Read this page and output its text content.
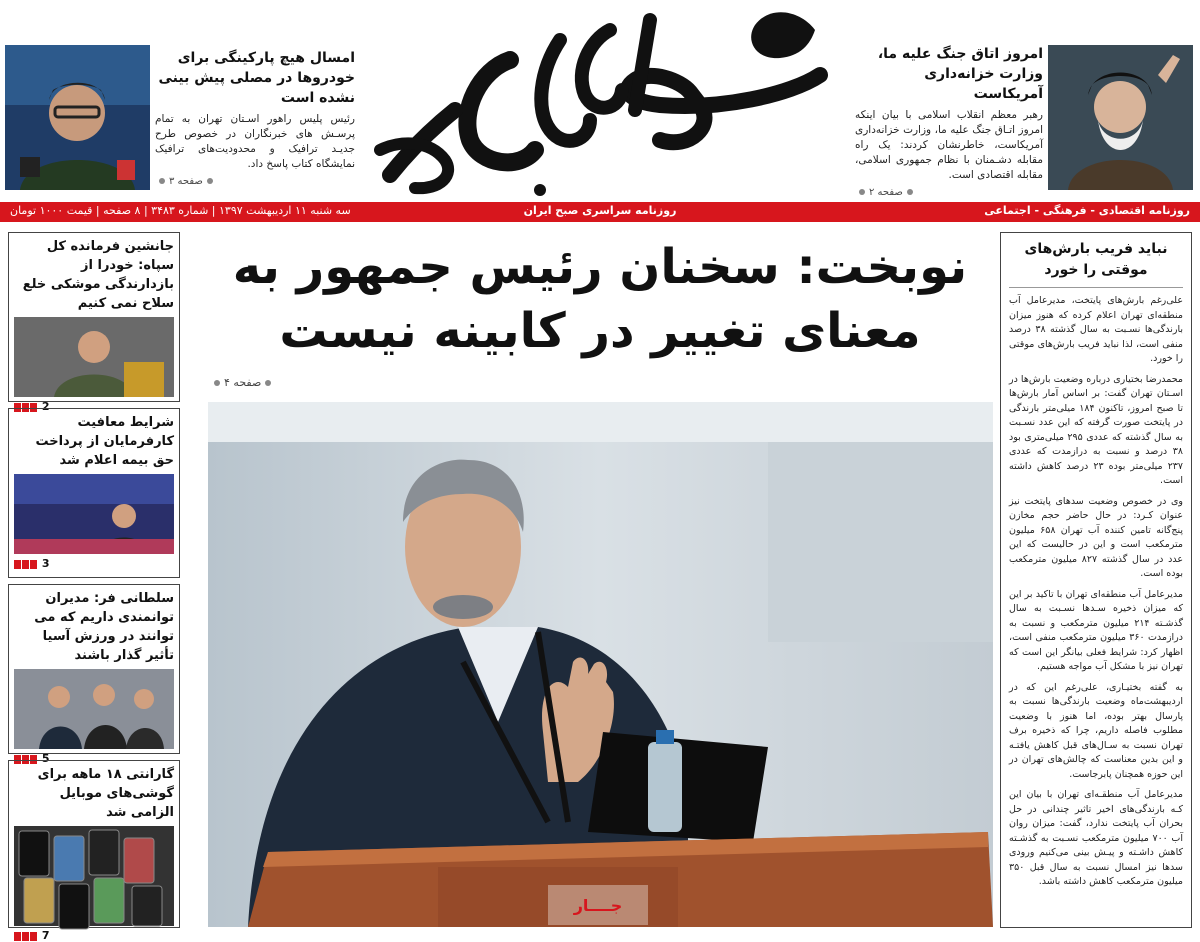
امروز اتاق جنگ علیه ما، وزارت خزانه‌داری آمریکاست
رهبر معظم انقلاب اسلامی با بیان اینکه امروز اتـاق جنگ علیه ما، وزارت خزانه‌داری آمریکاست، خاطرنشان کردند: یک راه مقابله دشـمنان با نظام جمهوری اسلامی، مقابله اقتصادی است.
صفحه ۲
امسال هیچ پارکینگی برای خودروها در مصلی پیش بینی نشده است
رئیس پلیس راهور اسـتان تهران به تمام پرسـش های خبرنگاران در خصوص طرح جدیـد ترافیک و محدودیت‌های ترافیک نمایشگاه کتاب پاسخ داد.
صفحه ۳
سه شنبه ۱۱ اردیبهشت ۱۳۹۷ | شماره ۳۴۸۳ | ۸ صفحه | قیمت ۱۰۰۰ تومان	روزنامه سراسری صبح ایران	روزنامه اقتصادی - فرهنگی - اجتماعی
نوبخت: سخنان رئیس جمهور به
معنای تغییر در کابینه نیست
صفحه ۴
جــــار
نباید فریب بارش‌های موقتی را خورد

علی‌رغم بارش‌های پایتخت، مدیرعامل آب منطقه‌ای تهران اعلام کرده که هنوز میزان بارندگی‌ها نسـبت به سال گذشته ۳۸ درصد منفی است، لذا نباید فریب بارش‌های موقتی را خورد.

محمدرضا بختیاری درباره وضعیت بارش‌ها در اسـتان تهران گفت: بر اساس آمار بارش‌ها تا صبح امروز، تاکنون ۱۸۴ میلی‌متر بارندگی در پایتخت صورت گرفته که این عدد نسـبت به سال گذشته که عددی ۲۹۵ میلی‌متری بود ۳۸ درصد و نسبت به درازمدت که عددی ۲۳۷ میلی‌متر بوده ۲۳ درصد کاهش داشته است.

وی در خصوص وضعیت سدهای پایتخت نیز عنوان کـرد: در حال حاضر حجم مخازن پنج‌گانه تامین کننده آب تهران ۶۵۸ میلیون مترمکعب است و این در حالیست که این عدد در سال گذشته ۸۲۷ میلیون مترمکعب بوده است.

مدیرعامل آب منطقه‌ای تهران با تاکید بر این که میزان ذخیره سـدها نسـبت به سال گذشـته ۲۱۴ میلیون مترمکعب و نسبت به درازمدت ۳۶۰ میلیون مترمکعب منفی است، اظهار کرد: شرایط فعلی بیانگر این است که تهران نیز با مشکل آب مواجه هستیم.

به گفته بختیـاری، علی‌رغم این که در اردیبهشت‌ماه وضعیت بارندگی‌ها نسبت به پارسال بهتر بوده، اما هنوز با وضعیت مطلوب فاصله داریم، چرا که ذخیره برف تهران نسبت به سـال‌های قبل کاهش یافتـه و این بدین معناست که چالش‌های تهران در این حوزه همچنان پابرجاست.

مدیرعامل آب منطقـه‌ای تهران با بیان این کـه بارندگی‌های اخیر تاثیر چندانی در حل بحران آب پایتخت ندارد، گفت: میزان روان آب ۷۰۰ میلیون مترمکعب نسـبت به گذشـته کاهش داشـته و پیـش بینی می‌کنیم ورودی سدها نیز امسال نسبت به سال قبل ۳۵۰ میلیون مترمکعب کاهش داشته باشد.

جانشین فرمانده کل سپاه: خودرا از بازدارندگی موشکی خلع سلاح نمی کنیم
2
شرایط معافیت کارفرمایان از پرداخت حق بیمه اعلام شد
3
سلطانی فر: مدیران توانمندی داریم که می توانند در ورزش آسیا تأثیر گذار باشند
5
گارانتی ۱۸ ماهه برای گوشی‌های موبایل الزامی شد
7
